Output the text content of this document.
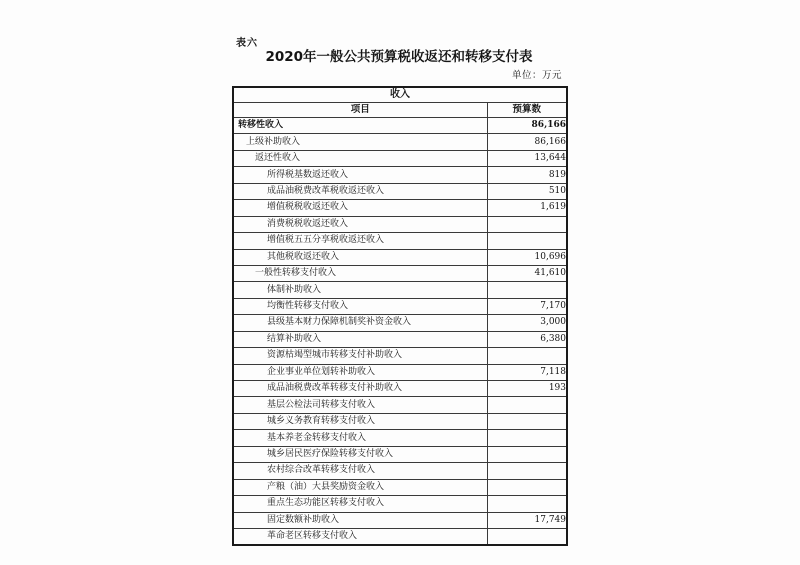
表六
2020年一般公共预算税收返还和转移支付表
单位：万元
收入	
项目	预算数
转移性收入	86,166
上级补助收入	86,166
返还性收入	13,644
所得税基数返还收入	819
成品油税费改革税收返还收入	510
增值税税收返还收入	1,619
消费税税收返还收入	
增值税五五分享税收返还收入	
其他税收返还收入	10,696
一般性转移支付收入	41,610
体制补助收入	
均衡性转移支付收入	7,170
县级基本财力保障机制奖补资金收入	3,000
结算补助收入	6,380
资源枯竭型城市转移支付补助收入	
企业事业单位划转补助收入	7,118
成品油税费改革转移支付补助收入	193
基层公检法司转移支付收入	
城乡义务教育转移支付收入	
基本养老金转移支付收入	
城乡居民医疗保险转移支付收入	
农村综合改革转移支付收入	
产粮（油）大县奖励资金收入	
重点生态功能区转移支付收入	
固定数额补助收入	17,749
革命老区转移支付收入	
